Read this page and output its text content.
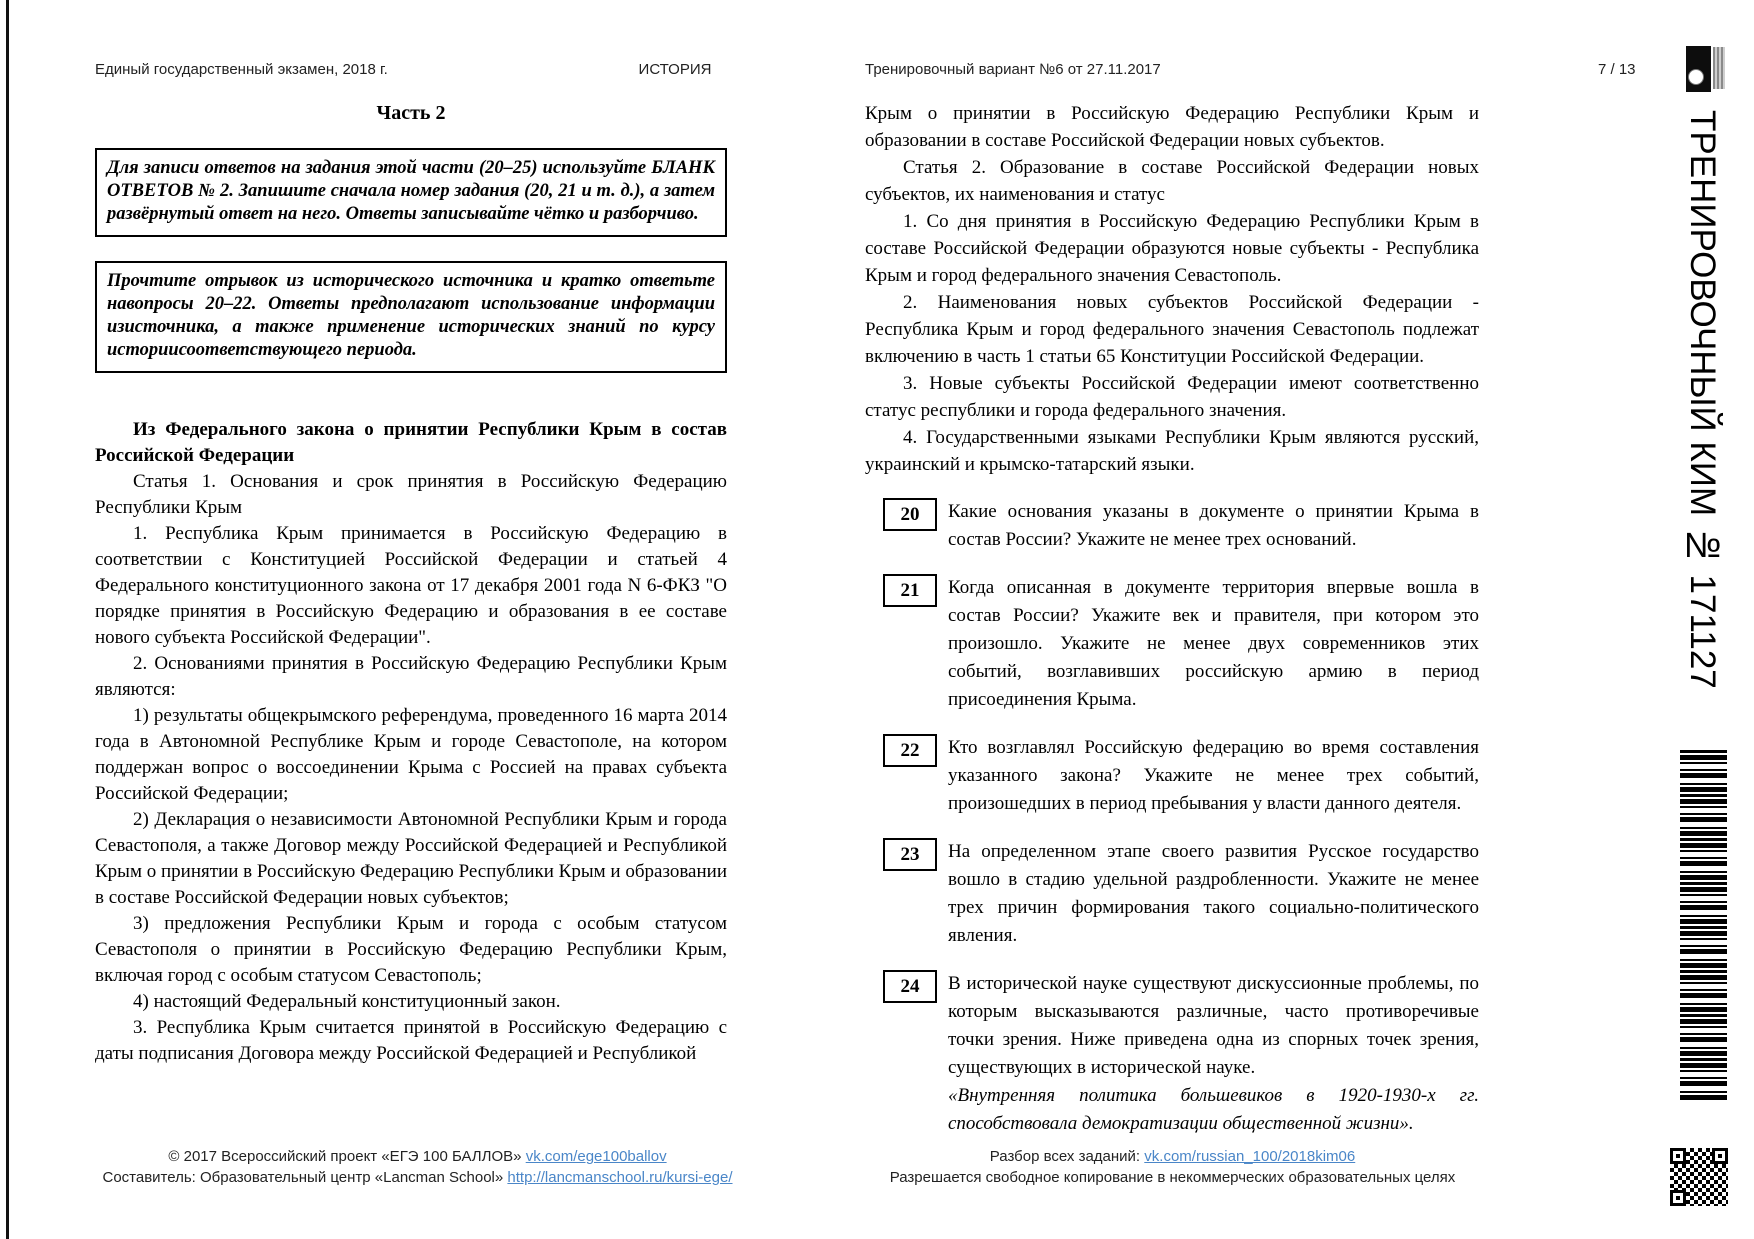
Единый государственный экзамен, 2018 г.	ИСТОРИЯ	Тренировочный вариант №6 от 27.11.2017	7 / 13
Часть 2
Для записи ответов на задания этой части (20–25) используйте БЛАНК ОТВЕТОВ № 2. Запишите сначала номер задания (20, 21 и т. д.), а затем развёрнутый ответ на него. Ответы записывайте чётко и разборчиво.
Прочтите отрывок из исторического источника и кратко ответьте навопросы 20–22. Ответы предполагают использование информации изисточника, а также применение исторических знаний по курсу историисоответствующего периода.
Из Федерального закона о принятии Республики Крым в состав Российской Федерации

Статья 1. Основания и срок принятия в Российскую Федерацию Республики Крым

1. Республика Крым принимается в Российскую Федерацию в соответствии с Конституцией Российской Федерации и статьей 4 Федерального конституционного закона от 17 декабря 2001 года N 6-ФКЗ "О порядке принятия в Российскую Федерацию и образования в ее составе нового субъекта Российской Федерации".

2. Основаниями принятия в Российскую Федерацию Республики Крым являются:

1) результаты общекрымского референдума, проведенного 16 марта 2014 года в Автономной Республике Крым и городе Севастополе, на котором поддержан вопрос о воссоединении Крыма с Россией на правах субъекта Российской Федерации;

2) Декларация о независимости Автономной Республики Крым и города Севастополя, а также Договор между Российской Федерацией и Республикой Крым о принятии в Российскую Федерацию Республики Крым и образовании в составе Российской Федерации новых субъектов;

3) предложения Республики Крым и города с особым статусом Севастополя о принятии в Российскую Федерацию Республики Крым, включая город с особым статусом Севастополь;

4) настоящий Федеральный конституционный закон.

3. Республика Крым считается принятой в Российскую Федерацию с даты подписания Договора между Российской Федерацией и Республикой

Крым о принятии в Российскую Федерацию Республики Крым и образовании в составе Российской Федерации новых субъектов.

Статья 2. Образование в составе Российской Федерации новых субъектов, их наименования и статус

1. Со дня принятия в Российскую Федерацию Республики Крым в составе Российской Федерации образуются новые субъекты - Республика Крым и город федерального значения Севастополь.

2. Наименования новых субъектов Российской Федерации - Республика Крым и город федерального значения Севастополь подлежат включению в часть 1 статьи 65 Конституции Российской Федерации.

3. Новые субъекты Российской Федерации имеют соответственно статус республики и города федерального значения.

4. Государственными языками Республики Крым являются русский, украинский и крымско-татарский языки.

20	Какие основания указаны в документе о принятии Крыма в состав России? Укажите не менее трех оснований.
21	Когда описанная в документе территория впервые вошла в состав России? Укажите век и правителя, при котором это произошло. Укажите не менее двух современников этих событий, возглавивших российскую армию в период присоединения Крыма.
22	Кто возглавлял Российскую федерацию во время составления указанного закона? Укажите не менее трех событий, произошедших в период пребывания у власти данного деятеля.
23	На определенном этапе своего развития Русское государство вошло в стадию удельной раздробленности. Укажите не менее трех причин формирования такого социально-политического явления.
24	В исторической науке существуют дискуссионные проблемы, по которым высказываются различные, часто противоречивые точки зрения. Ниже приведена одна из спорных точек зрения, существующих в исторической науке.
«Внутренняя политика большевиков в 1920-1930-х гг. способствовала демократизации общественной жизни».
ТРЕНИРОВОЧНЫЙ КИМ № 171127
© 2017 Всероссийский проект «ЕГЭ 100 БАЛЛОВ» vk.com/ege100ballov
Составитель: Образовательный центр «Lancman School» http://lancmanschool.ru/kursi-ege/
Разбор всех заданий: vk.com/russian_100/2018kim06
Разрешается свободное копирование в некоммерческих образовательных целях
